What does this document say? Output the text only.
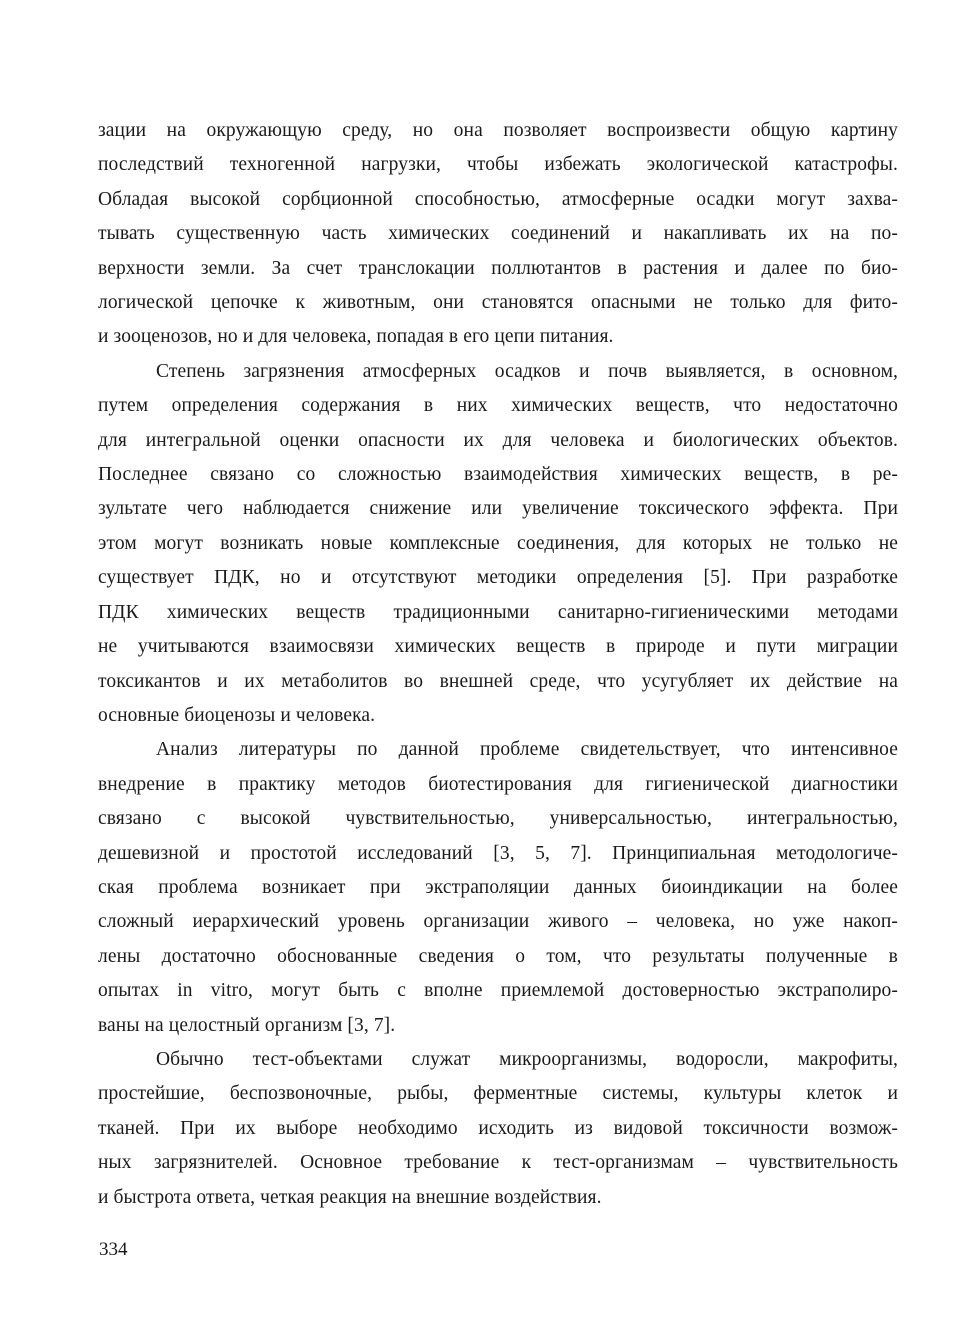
зации на окружающую среду, но она позволяет воспроизвести общую картину
последствий техногенной нагрузки, чтобы избежать экологической катастрофы.
Обладая высокой сорбционной способностью, атмосферные осадки могут захва-
тывать существенную часть химических соединений и накапливать их на по-
верхности земли. За счет транслокации поллютантов в растения и далее по био-
логической цепочке к животным, они становятся опасными не только для фито-
и зооценозов, но и для человека, попадая в его цепи питания.

Степень загрязнения атмосферных осадков и почв выявляется, в основном,
путем определения содержания в них химических веществ, что недостаточно
для интегральной оценки опасности их для человека и биологических объектов.
Последнее связано со сложностью взаимодействия химических веществ, в ре-
зультате чего наблюдается снижение или увеличение токсического эффекта. При
этом могут возникать новые комплексные соединения, для которых не только не
существует ПДК, но и отсутствуют методики определения [5]. При разработке
ПДК химических веществ традиционными санитарно-гигиеническими методами
не учитываются взаимосвязи химических веществ в природе и пути миграции
токсикантов и их метаболитов во внешней среде, что усугубляет их действие на
основные биоценозы и человека.

Анализ литературы по данной проблеме свидетельствует, что интенсивное
внедрение в практику методов биотестирования для гигиенической диагностики
связано с высокой чувствительностью, универсальностью, интегральностью,
дешевизной и простотой исследований [3, 5, 7]. Принципиальная методологиче-
ская проблема возникает при экстраполяции данных биоиндикации на более
сложный иерархический уровень организации живого – человека, но уже накоп-
лены достаточно обоснованные сведения о том, что результаты полученные в
опытах in vitro, могут быть с вполне приемлемой достоверностью экстраполиро-
ваны на целостный организм [3, 7].

Обычно тест-объектами служат микроорганизмы, водоросли, макрофиты,
простейшие, беспозвоночные, рыбы, ферментные системы, культуры клеток и
тканей. При их выборе необходимо исходить из видовой токсичности возмож-
ных загрязнителей. Основное требование к тест-организмам – чувствительность
и быстрота ответа, четкая реакция на внешние воздействия.

334
